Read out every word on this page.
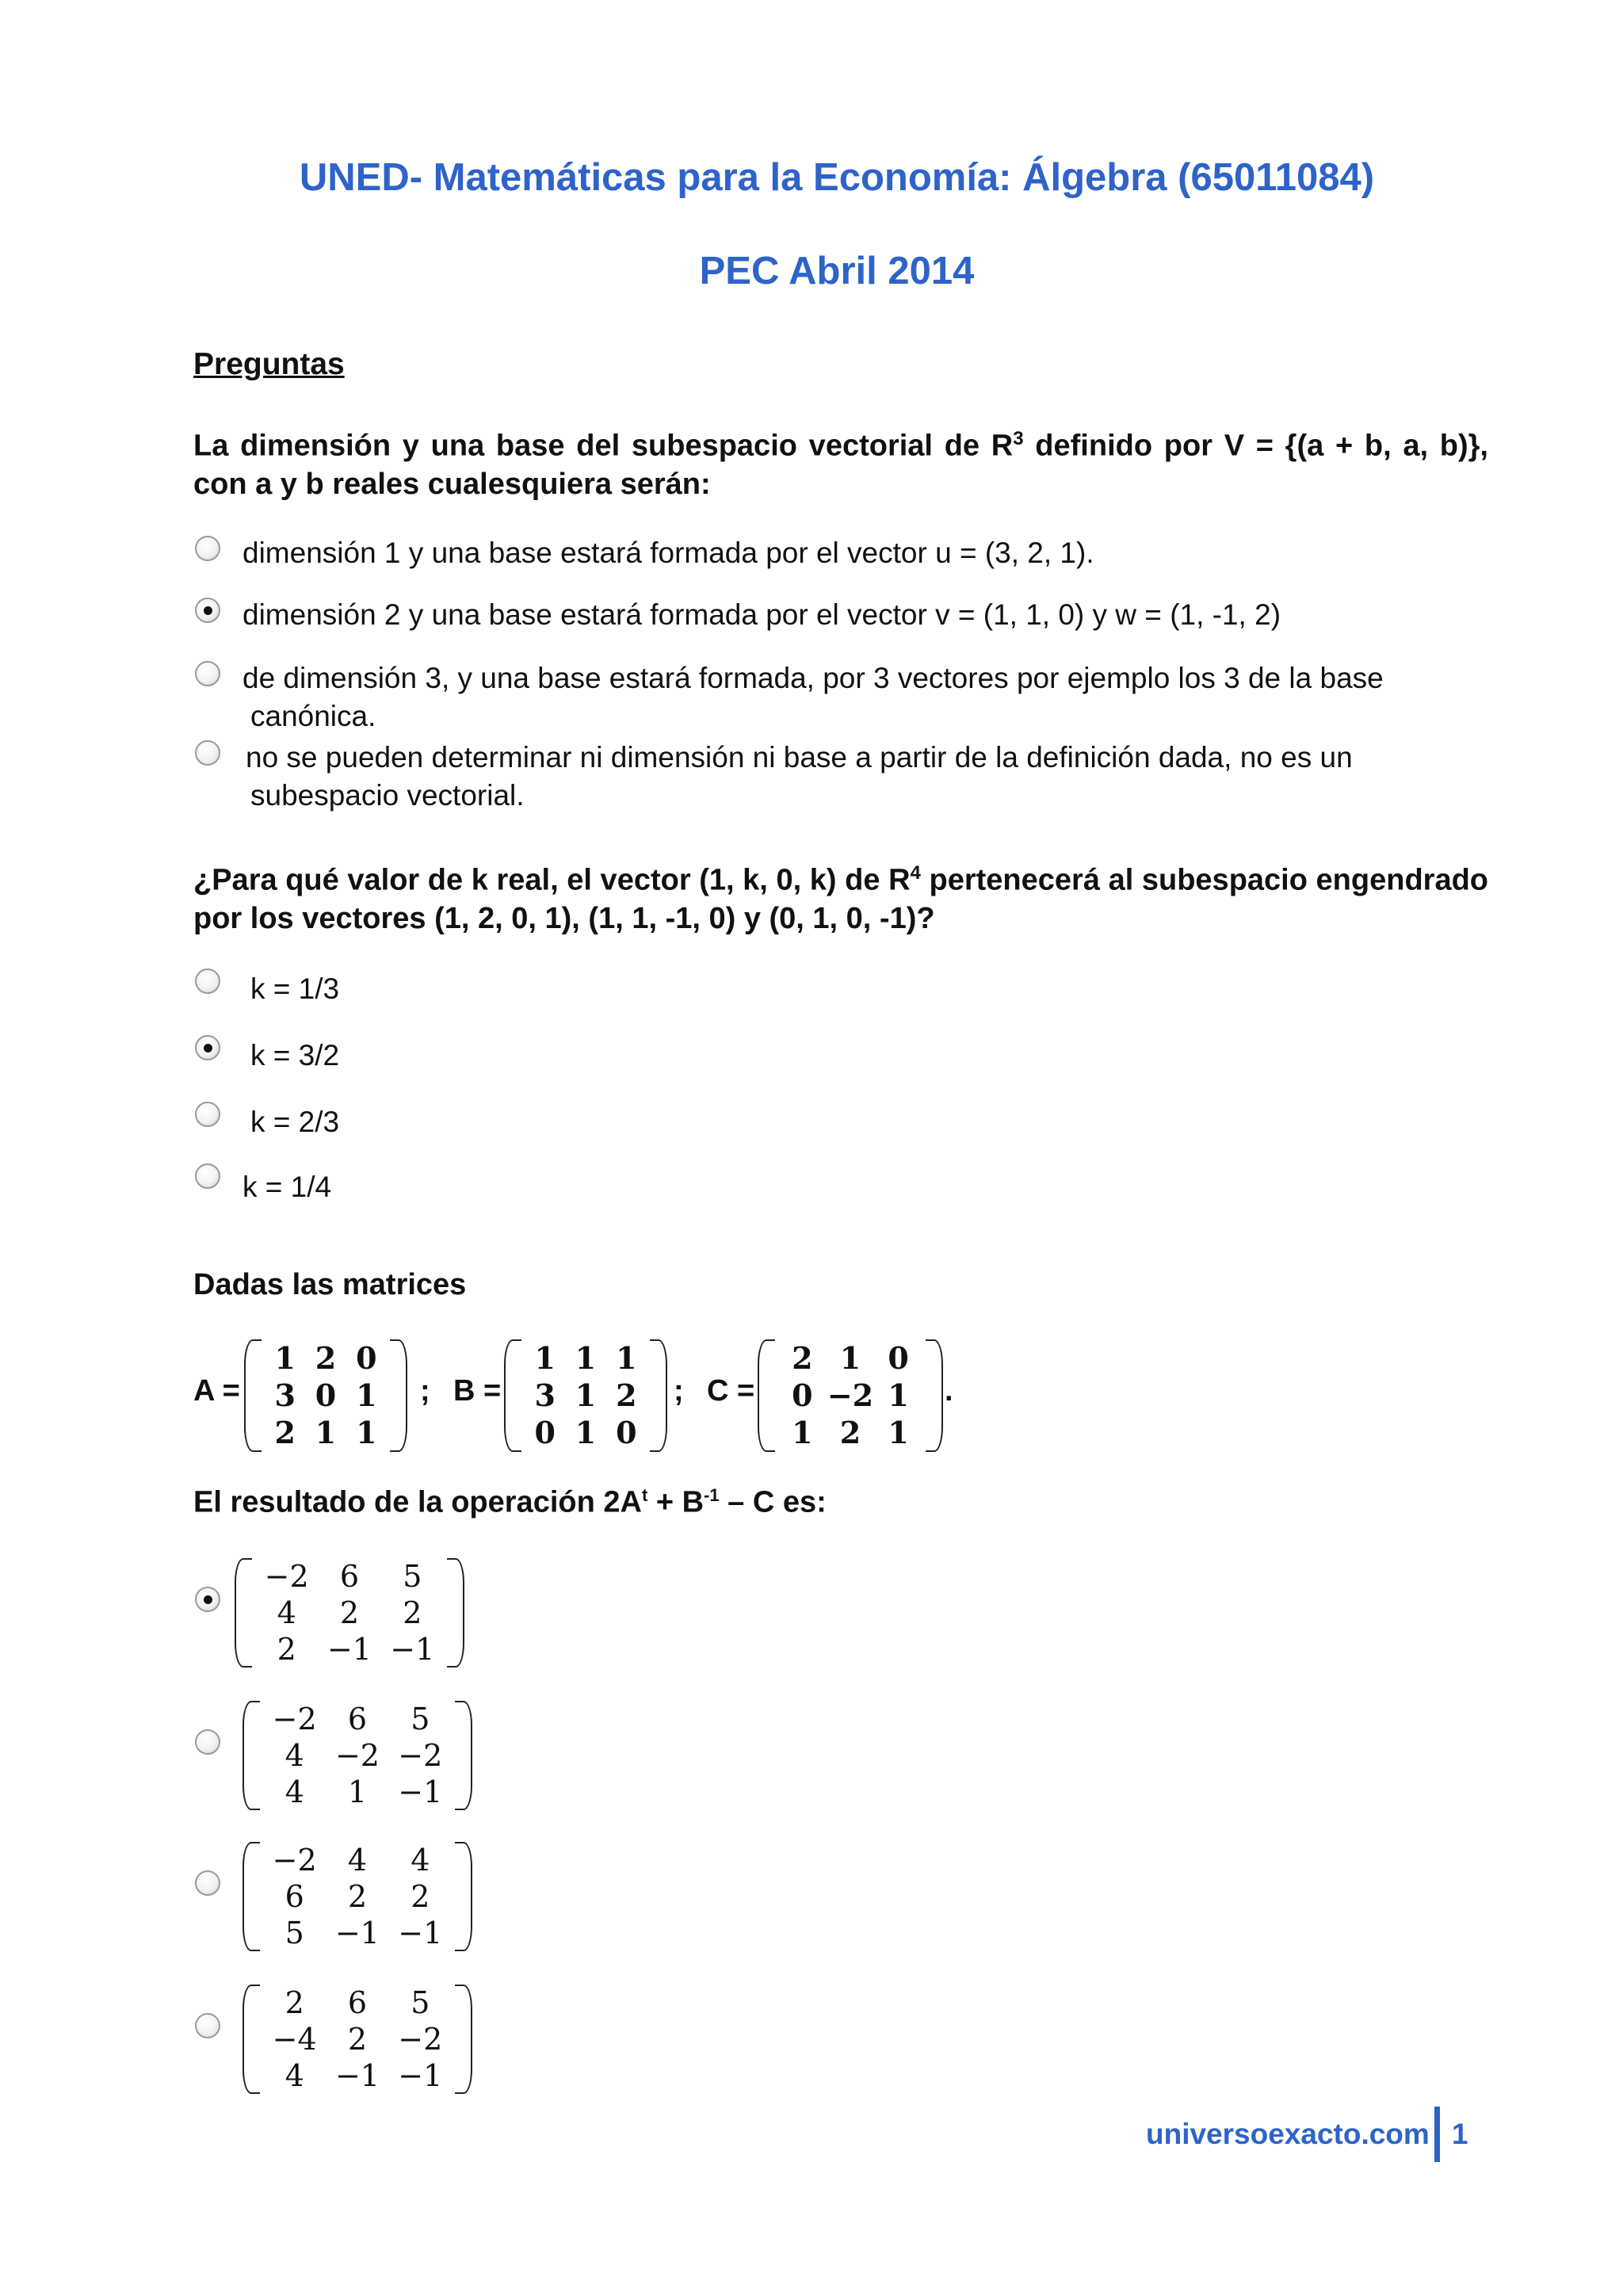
UNED- Matemáticas para la Economía: Álgebra (65011084)
PEC Abril 2014
Preguntas
La dimensión y una base del subespacio vectorial de $R^3$ definido por V = {(a + b, a, b)}, con a y b reales cualesquiera serán:
dimensión 1 y una base estará formada por el vector u = (3, 2, 1).
dimensión 2 y una base estará formada por el vector v = (1, 1, 0) y w = (1, -1, 2)
de dimensión 3, y una base estará formada, por 3 vectores por ejemplo los 3 de la base
canónica.
no se pueden determinar ni dimensión ni base a partir de la definición dada, no es un
subespacio vectorial.
¿Para qué valor de k real, el vector (1, k, 0, k) de $R^4$ pertenecerá al subespacio engendrado por los vectores (1, 2, 0, 1), (1, 1, -1, 0) y (0, 1, 0, -1)?
k = 1/3
k = 3/2
k = 2/3
k = 1/4
Dadas las matrices
A =
1 2 0
3 0 1
2 1 1
; B =
1 1 1
3 1 2
0 1 0
; C =
2 1 0
0 −2 1
1 2 1
.
El resultado de la operación $2A^t + B^{-1} - C$ es:
−2	6	5
4	2	2
2	−1 −1
−2	6	5
4	−2 −2
4	1	−1
−2	4	4
6	2	2
5	−1 −1
2	6	5
−4	2	−2
4	−1 −1
universoexacto.com 1
